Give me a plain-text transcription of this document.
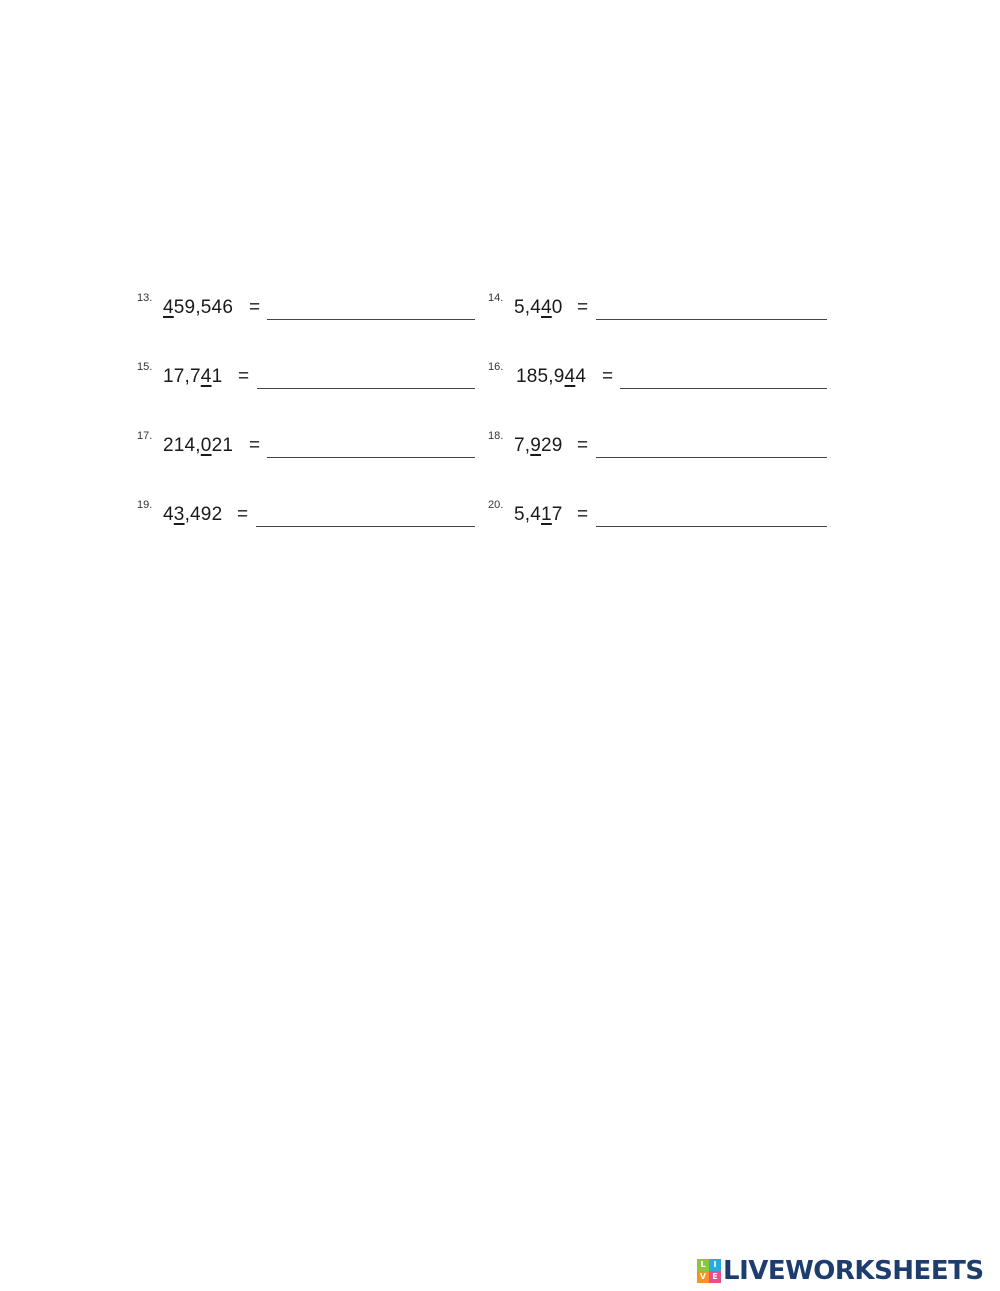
13. 459,546 =	14. 5,440 =
15. 17,741 =	16. 185,944 =
17. 214,021 =	18. 7,929 =
19. 43,492 =	20. 5,417 =
L I
V E LIVEWORKSHEETS
